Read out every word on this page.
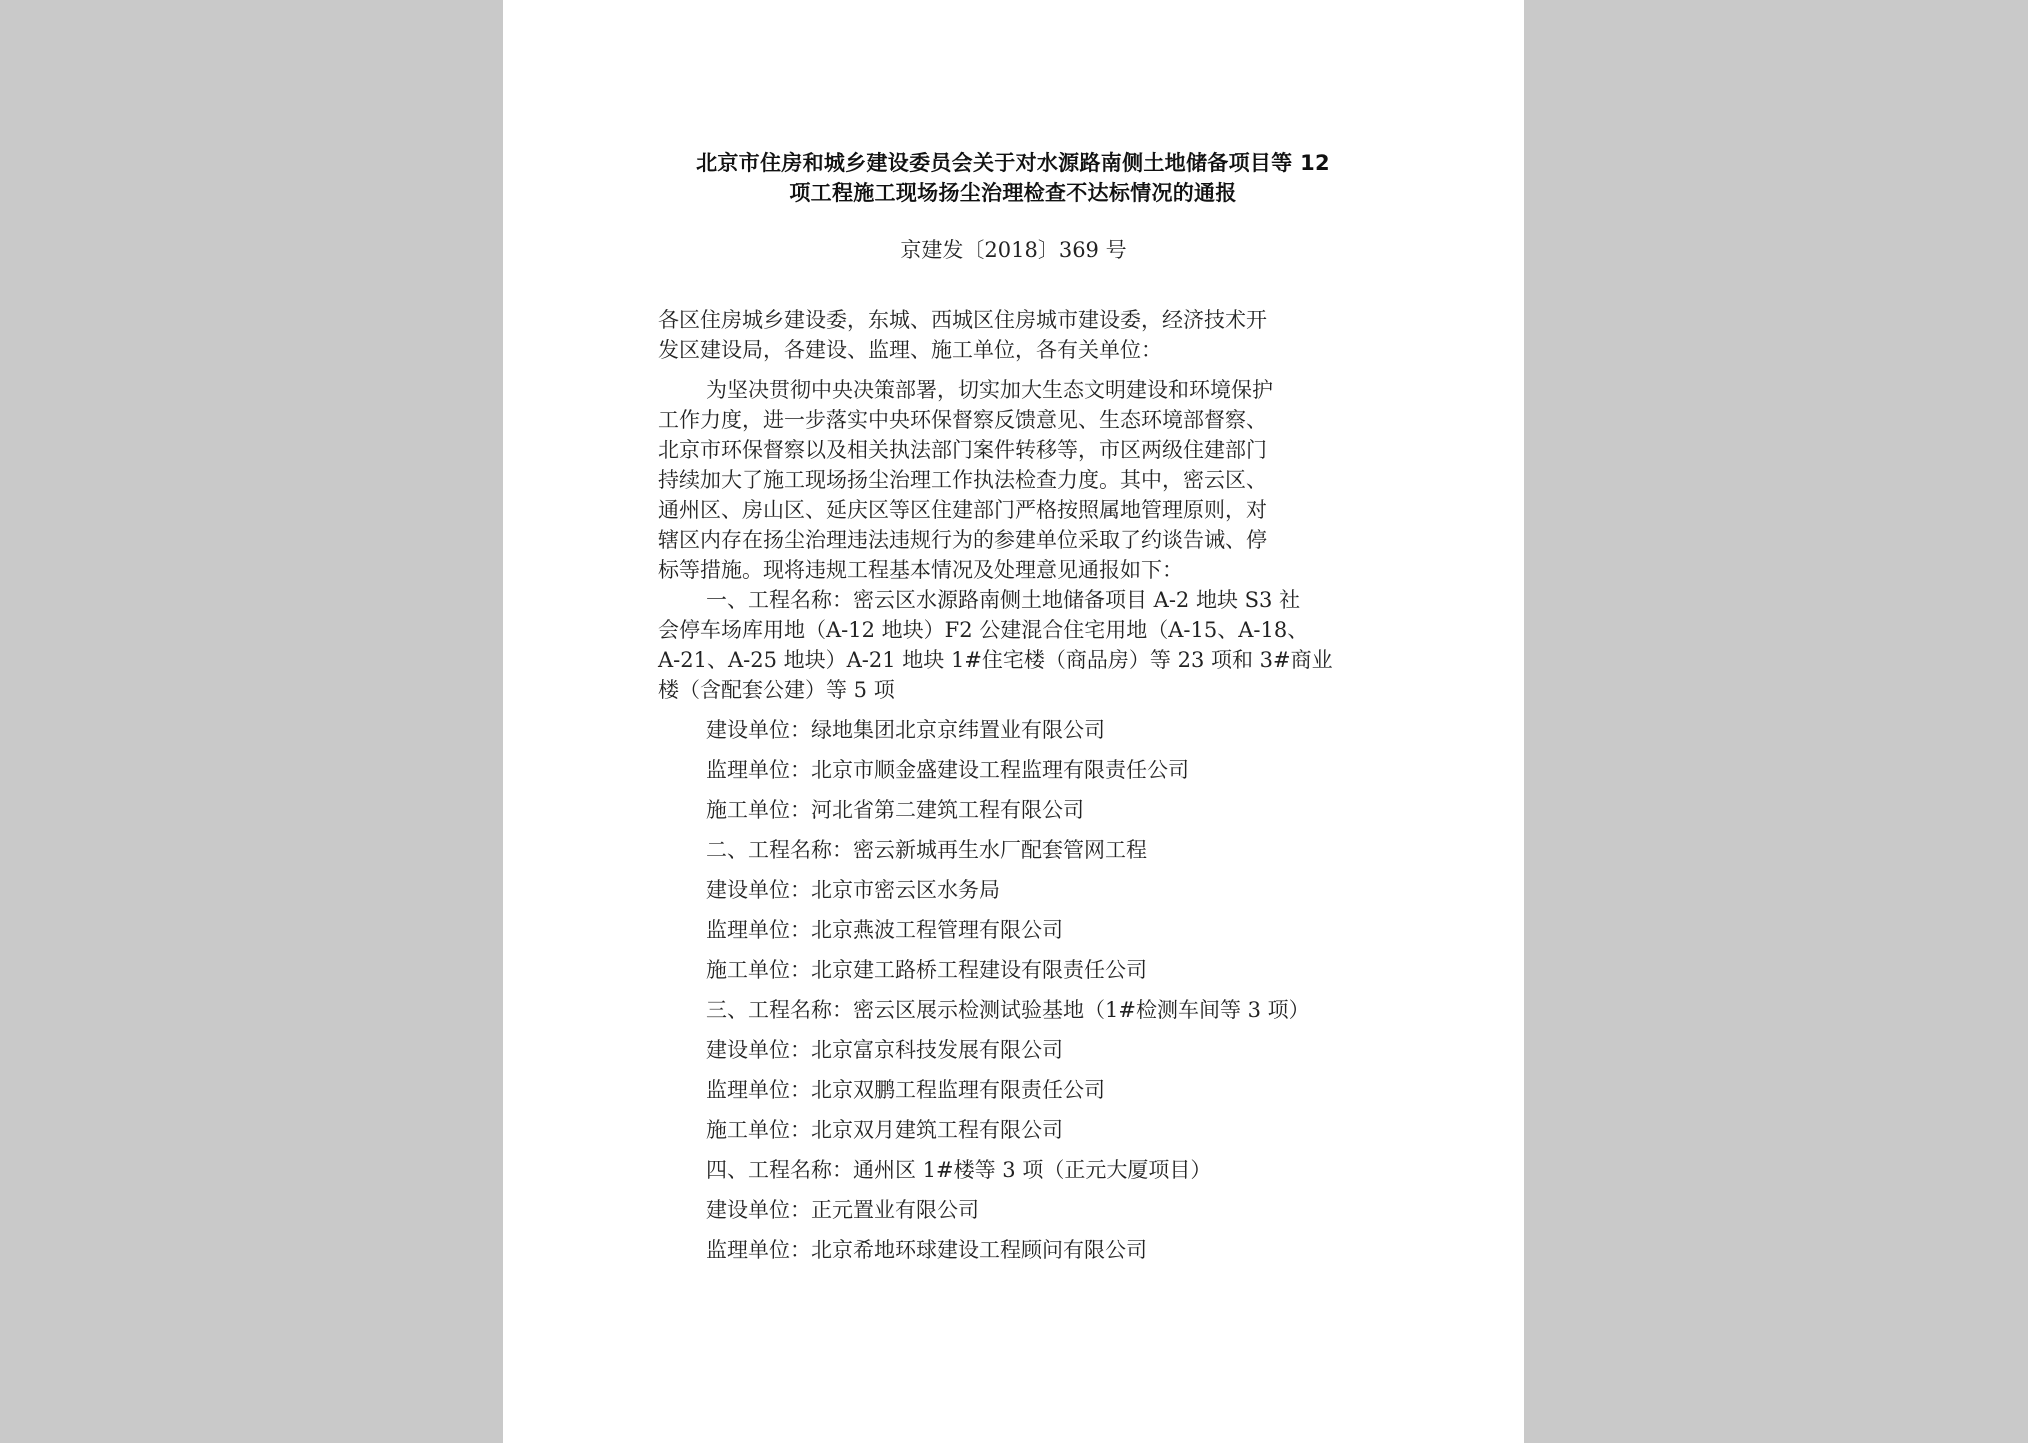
北京市住房和城乡建设委员会关于对水源路南侧土地储备项目等 12
项工程施工现场扬尘治理检查不达标情况的通报
京建发〔2018〕369 号
各区住房城乡建设委，东城、西城区住房城市建设委，经济技术开
发区建设局，各建设、监理、施工单位，各有关单位：
为坚决贯彻中央决策部署，切实加大生态文明建设和环境保护
工作力度，进一步落实中央环保督察反馈意见、生态环境部督察、
北京市环保督察以及相关执法部门案件转移等，市区两级住建部门
持续加大了施工现场扬尘治理工作执法检查力度。其中，密云区、
通州区、房山区、延庆区等区住建部门严格按照属地管理原则，对
辖区内存在扬尘治理违法违规行为的参建单位采取了约谈告诫、停
标等措施。现将违规工程基本情况及处理意见通报如下：
一、工程名称：密云区水源路南侧土地储备项目 A-2 地块 S3 社
会停车场库用地（A-12 地块）F2 公建混合住宅用地（A-15、A-18、
A-21、A-25 地块）A-21 地块 1#住宅楼（商品房）等 23 项和 3#商业
楼（含配套公建）等 5 项
建设单位：绿地集团北京京纬置业有限公司
监理单位：北京市顺金盛建设工程监理有限责任公司
施工单位：河北省第二建筑工程有限公司
二、工程名称：密云新城再生水厂配套管网工程
建设单位：北京市密云区水务局
监理单位：北京燕波工程管理有限公司
施工单位：北京建工路桥工程建设有限责任公司
三、工程名称：密云区展示检测试验基地（1#检测车间等 3 项）
建设单位：北京富京科技发展有限公司
监理单位：北京双鹏工程监理有限责任公司
施工单位：北京双月建筑工程有限公司
四、工程名称：通州区 1#楼等 3 项（正元大厦项目）
建设单位：正元置业有限公司
监理单位：北京希地环球建设工程顾问有限公司
